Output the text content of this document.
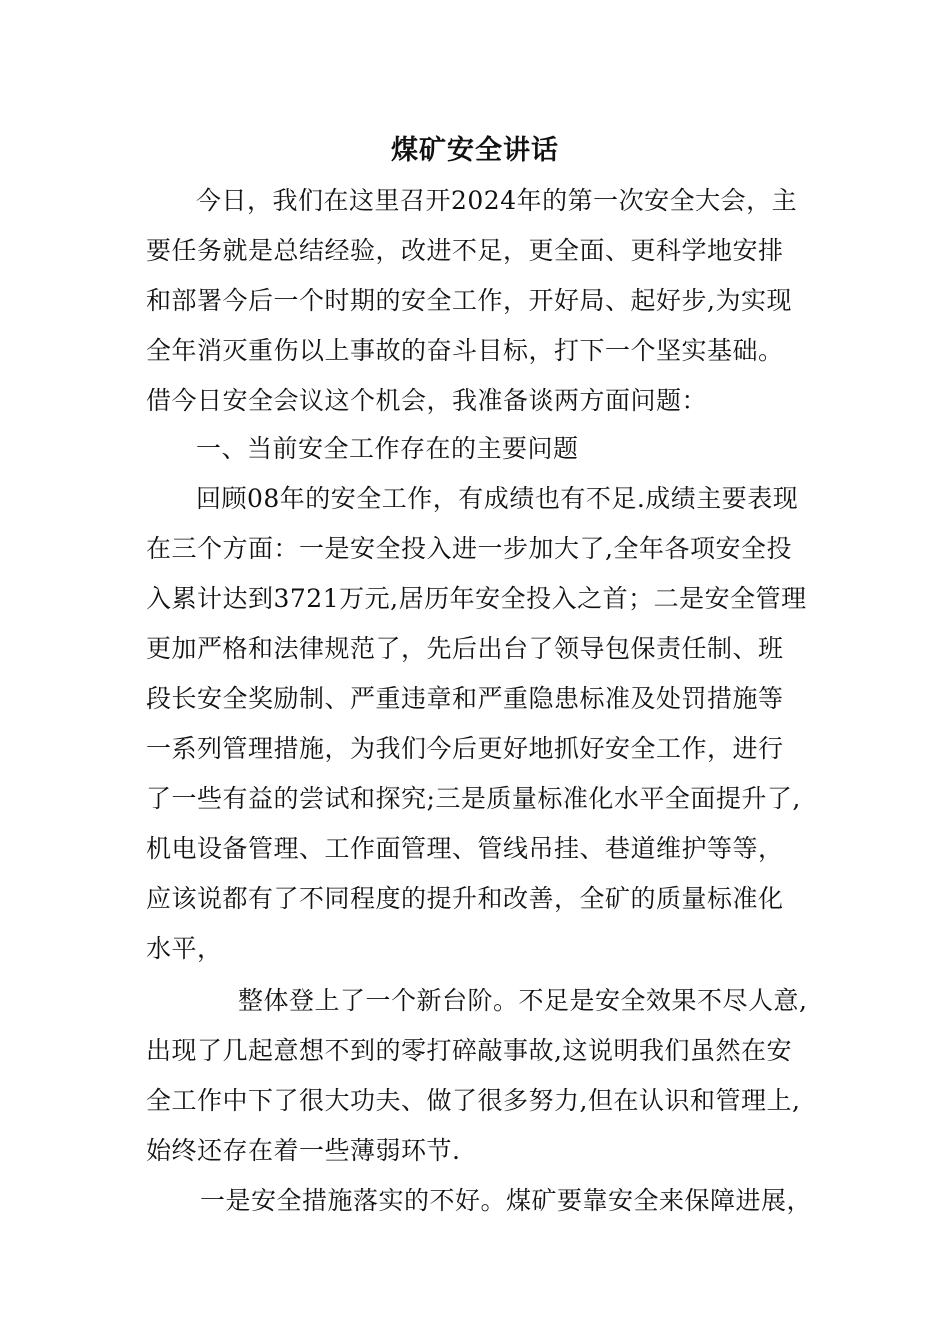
煤矿安全讲话
今日，我们在这里召开2024年的第一次安全大会，主
要任务就是总结经验，改进不足，更全面、更科学地安排
和部署今后一个时期的安全工作，开好局、起好步,为实现
全年消灭重伤以上事故的奋斗目标，打下一个坚实基础。
借今日安全会议这个机会，我准备谈两方面问题：
一、当前安全工作存在的主要问题
回顾08年的安全工作，有成绩也有不足.成绩主要表现
在三个方面：一是安全投入进一步加大了,全年各项安全投
入累计达到3721万元,居历年安全投入之首；二是安全管理
更加严格和法律规范了，先后出台了领导包保责任制、班
段长安全奖励制、严重违章和严重隐患标准及处罚措施等
一系列管理措施，为我们今后更好地抓好安全工作，进行
了一些有益的尝试和探究;三是质量标准化水平全面提升了,
机电设备管理、工作面管理、管线吊挂、巷道维护等等，
应该说都有了不同程度的提升和改善，全矿的质量标准化
水平，
整体登上了一个新台阶。不足是安全效果不尽人意,
出现了几起意想不到的零打碎敲事故,这说明我们虽然在安
全工作中下了很大功夫、做了很多努力,但在认识和管理上,
始终还存在着一些薄弱环节.
一是安全措施落实的不好。煤矿要靠安全来保障进展，
